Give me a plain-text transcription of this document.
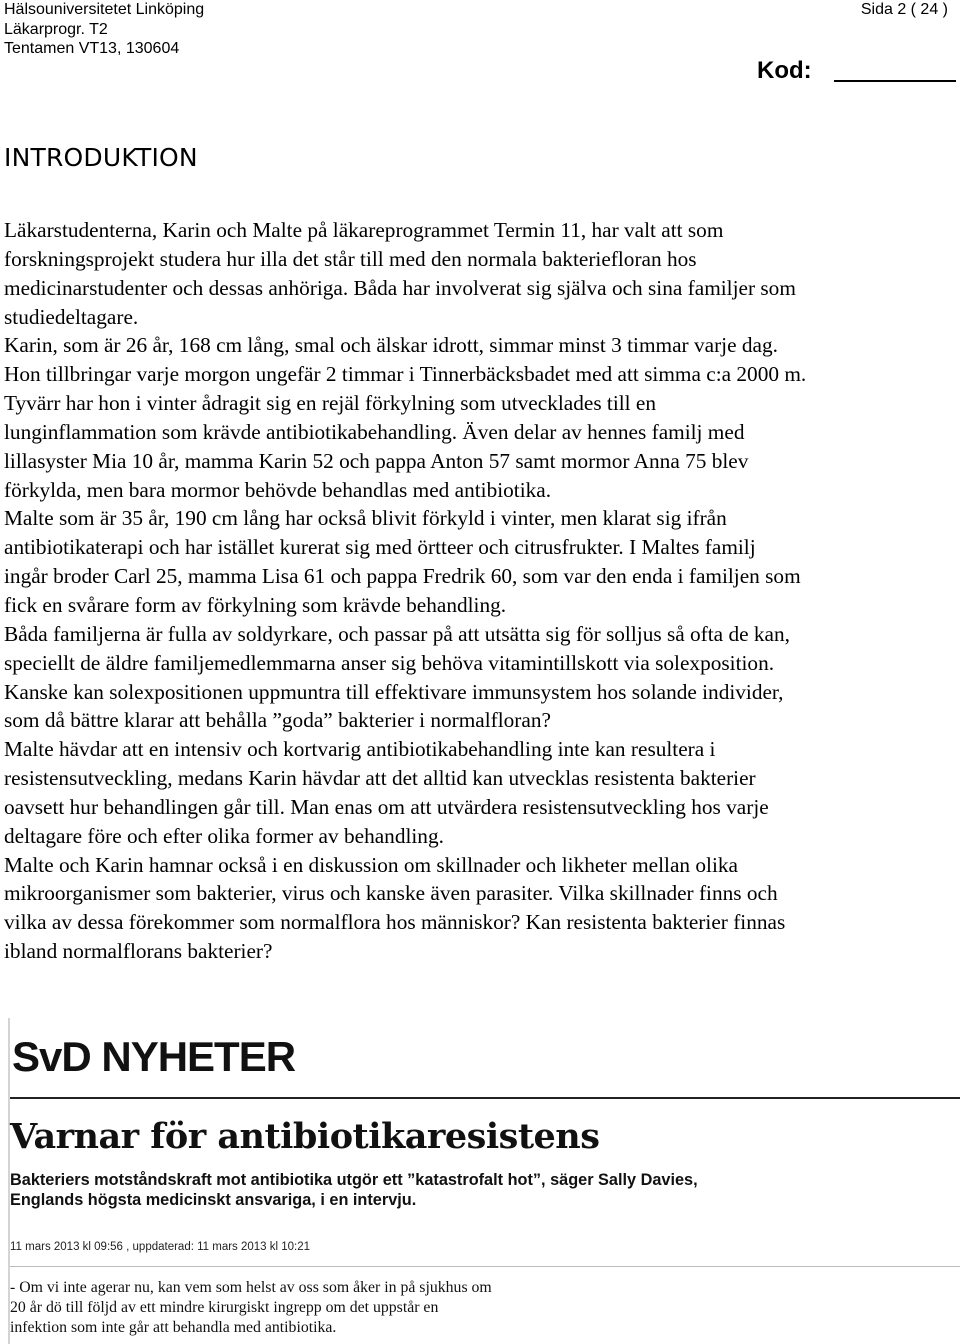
Hälsouniversitetet Linköping
Läkarprogr. T2
Tentamen VT13, 130604
Sida 2 ( 24 )
Kod:
INTRODUKTION
Läkarstudenterna, Karin och Malte på läkareprogrammet Termin 11, har valt att som
forskningsprojekt studera hur illa det står till med den normala bakteriefloran hos
medicinarstudenter och dessas anhöriga. Båda har involverat sig själva och sina familjer som
studiedeltagare.
Karin, som är 26 år, 168 cm lång, smal och älskar idrott, simmar minst 3 timmar varje dag.
Hon tillbringar varje morgon ungefär 2 timmar i Tinnerbäcksbadet med att simma c:a 2000 m.
Tyvärr har hon i vinter ådragit sig en rejäl förkylning som utvecklades till en
lunginflammation som krävde antibiotikabehandling. Även delar av hennes familj med
lillasyster Mia 10 år, mamma Karin 52 och pappa Anton 57 samt mormor Anna 75 blev
förkylda, men bara mormor behövde behandlas med antibiotika.
Malte som är 35 år, 190 cm lång har också blivit förkyld i vinter, men klarat sig ifrån
antibiotikaterapi och har istället kurerat sig med örtteer och citrusfrukter. I Maltes familj
ingår broder Carl 25, mamma Lisa 61 och pappa Fredrik 60, som var den enda i familjen som
fick en svårare form av förkylning som krävde behandling.
Båda familjerna är fulla av soldyrkare, och passar på att utsätta sig för solljus så ofta de kan,
speciellt de äldre familjemedlemmarna anser sig behöva vitamintillskott via solexposition.
Kanske kan solexpositionen uppmuntra till effektivare immunsystem hos solande individer,
som då bättre klarar att behålla ”goda” bakterier i normalfloran?
Malte hävdar att en intensiv och kortvarig antibiotikabehandling inte kan resultera i
resistensutveckling, medans Karin hävdar att det alltid kan utvecklas resistenta bakterier
oavsett hur behandlingen går till. Man enas om att utvärdera resistensutveckling hos varje
deltagare före och efter olika former av behandling.
Malte och Karin hamnar också i en diskussion om skillnader och likheter mellan olika
mikroorganismer som bakterier, virus och kanske även parasiter. Vilka skillnader finns och
vilka av dessa förekommer som normalflora hos människor? Kan resistenta bakterier finnas
ibland normalflorans bakterier?
SvD NYHETER
Varnar för antibiotikaresistens
Bakteriers motståndskraft mot antibiotika utgör ett ”katastrofalt hot”, säger Sally Davies,
Englands högsta medicinskt ansvariga, i en intervju.
11 mars 2013 kl 09:56 , uppdaterad: 11 mars 2013 kl 10:21
- Om vi inte agerar nu, kan vem som helst av oss som åker in på sjukhus om
20 år dö till följd av ett mindre kirurgiskt ingrepp om det uppstår en
infektion som inte går att behandla med antibiotika.
